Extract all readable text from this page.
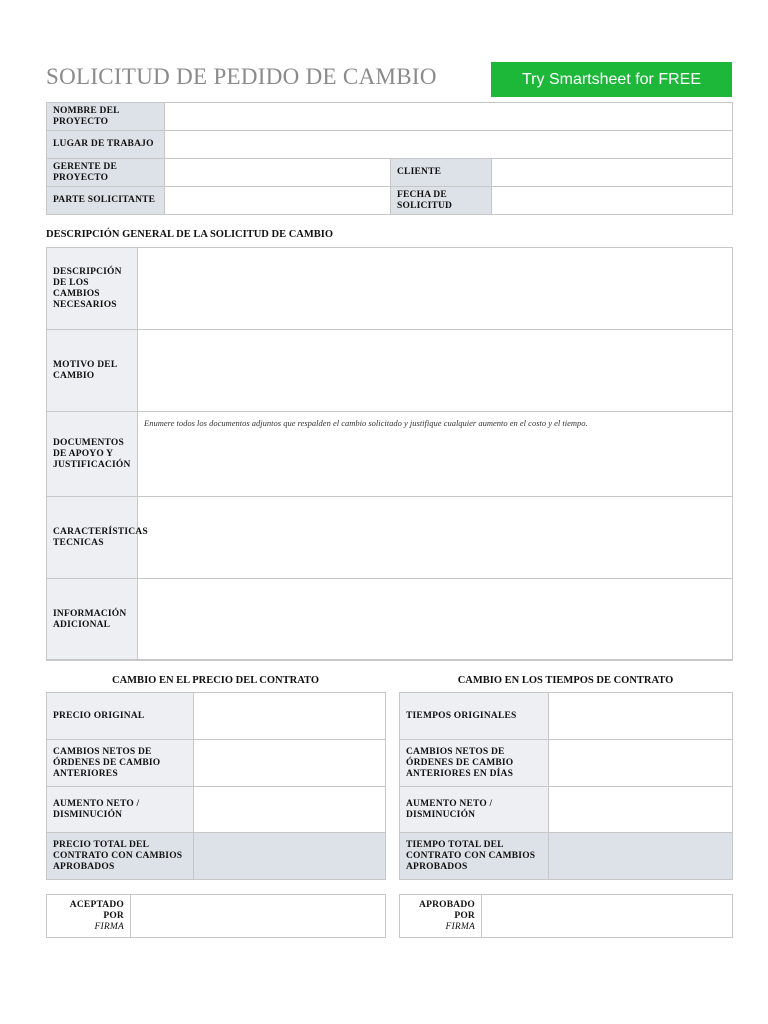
SOLICITUD DE PEDIDO DE CAMBIO	Try Smartsheet for FREE
NOMBRE DEL PROYECTO			
LUGAR DE TRABAJO			
GERENTE DE PROYECTO		CLIENTE	
PARTE SOLICITANTE		FECHA DE SOLICITUD	
DESCRIPCIÓN GENERAL DE LA SOLICITUD DE CAMBIO
DESCRIPCIÓN DE LOS CAMBIOS NECESARIOS	
MOTIVO DEL CAMBIO	
DOCUMENTOS DE APOYO Y JUSTIFICACIÓN	Enumere todos los documentos adjuntos que respalden el cambio solicitado y justifique cualquier aumento en el costo y el tiempo.

CARACTERÍSTICAS TECNICAS	
INFORMACIÓN ADICIONAL	
CAMBIO EN EL PRECIO DEL CONTRATO
PRECIO ORIGINAL	
CAMBIOS NETOS DE ÓRDENES DE CAMBIO ANTERIORES	
AUMENTO NETO / DISMINUCIÓN	
PRECIO TOTAL DEL CONTRATO CON CAMBIOS APROBADOS	
CAMBIO EN LOS TIEMPOS DE CONTRATO
TIEMPOS ORIGINALES	
CAMBIOS NETOS DE ÓRDENES DE CAMBIO ANTERIORES EN DÍAS	
AUMENTO NETO / DISMINUCIÓN	
TIEMPO TOTAL DEL CONTRATO CON CAMBIOS APROBADOS	
ACEPTADO POR
FIRMA

APROBADO POR
FIRMA
